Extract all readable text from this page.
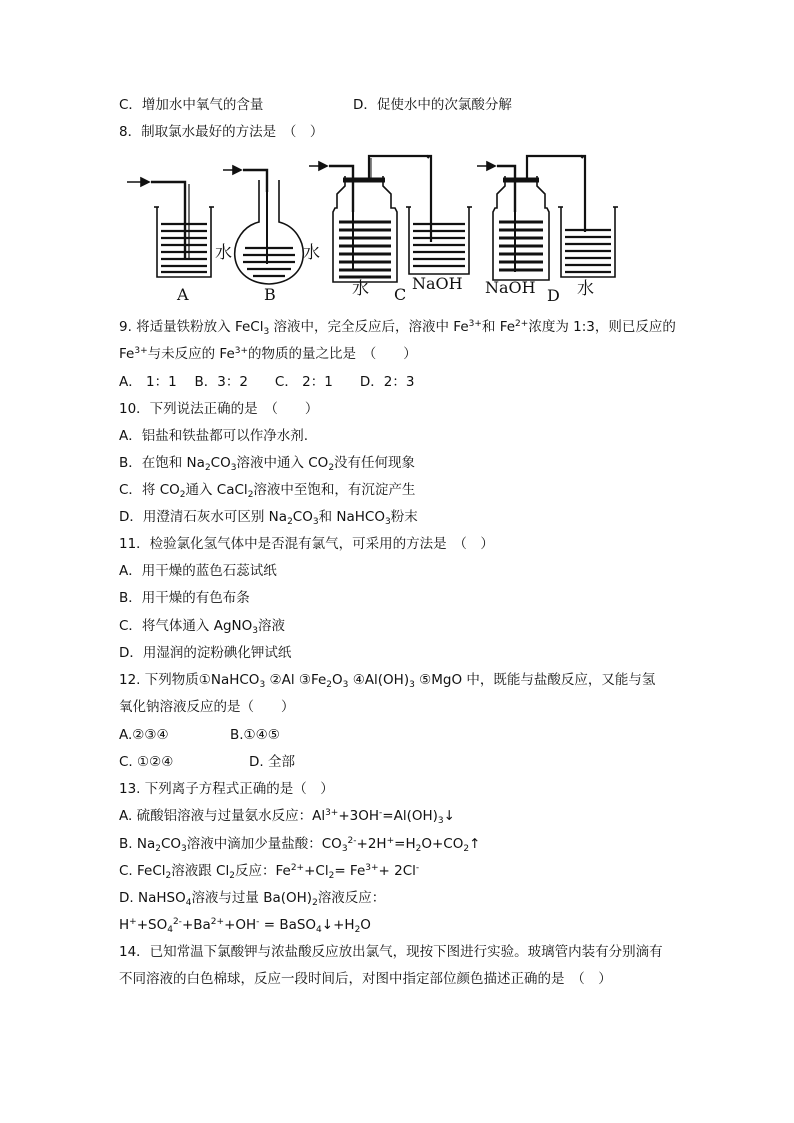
C．增加水中氧气的含量	D．促使水中的次氯酸分解
8．制取氯水最好的方法是　（　）
水	水
A	B	水 C
NaOH NaOH D 水
9. 将适量铁粉放入 FeCl$_3$ 溶液中，完全反应后，溶液中 $Fe^{3+}$和 $Fe^{2+}$浓度为 1:3，则已反应的
$Fe^{3+}$与未反应的 $Fe^{3+}$的物质的量之比是　（　　）
A． 1：1　 B．3：2　　C． 2：1　　D．2：3
10．下列说法正确的是　（　　）
A．铝盐和铁盐都可以作净水剂.
B．在饱和 $Na_2CO_3$溶液中通入 $CO_2$没有任何现象
C．将 $CO_2$通入 CaCl$_2$溶液中至饱和，有沉淀产生
D．用澄清石灰水可区别 $Na_2CO_3$和 NaHCO$_3$粉末
11．检验氯化氢气体中是否混有氯气，可采用的方法是　（　）
A．用干燥的蓝色石蕊试纸
B．用干燥的有色布条
C．将气体通入 AgNO$_3$溶液
D．用湿润的淀粉碘化钾试纸
12. 下列物质①NaHCO$_3$ ②Al $③Fe_2O_3$ $④Al(OH)_3$ ⑤MgO 中，既能与盐酸反应，又能与氢
氧化钠溶液反应的是（　　）
A.②③④	B.①④⑤
C. ①②④	D. 全部
13. 下列离子方程式正确的是（　）
A. 硫酸铝溶液与过量氨水反应：$Al^{3+}+3OH^-=Al(OH)_3↓$
B. $Na_2CO_3$溶液中滴加少量盐酸：$CO_3^{2-}+2H^+=H_2O+CO_2↑$
C. FeCl$_2$溶液跟 $Cl_2$反应：$Fe^{2+}+Cl_2= Fe^{3+}+ 2Cl^-$
D. NaHSO$_4$溶液与过量 $Ba(OH)_2$溶液反应：
$H^++SO_4^{2-}+Ba^{2+}+OH^-$ = $BaSO_4↓+H_2O$
14．已知常温下氯酸钾与浓盐酸反应放出氯气，现按下图进行实验。玻璃管内装有分别滴有
不同溶液的白色棉球，反应一段时间后，对图中指定部位颜色描述正确的是　（　）
